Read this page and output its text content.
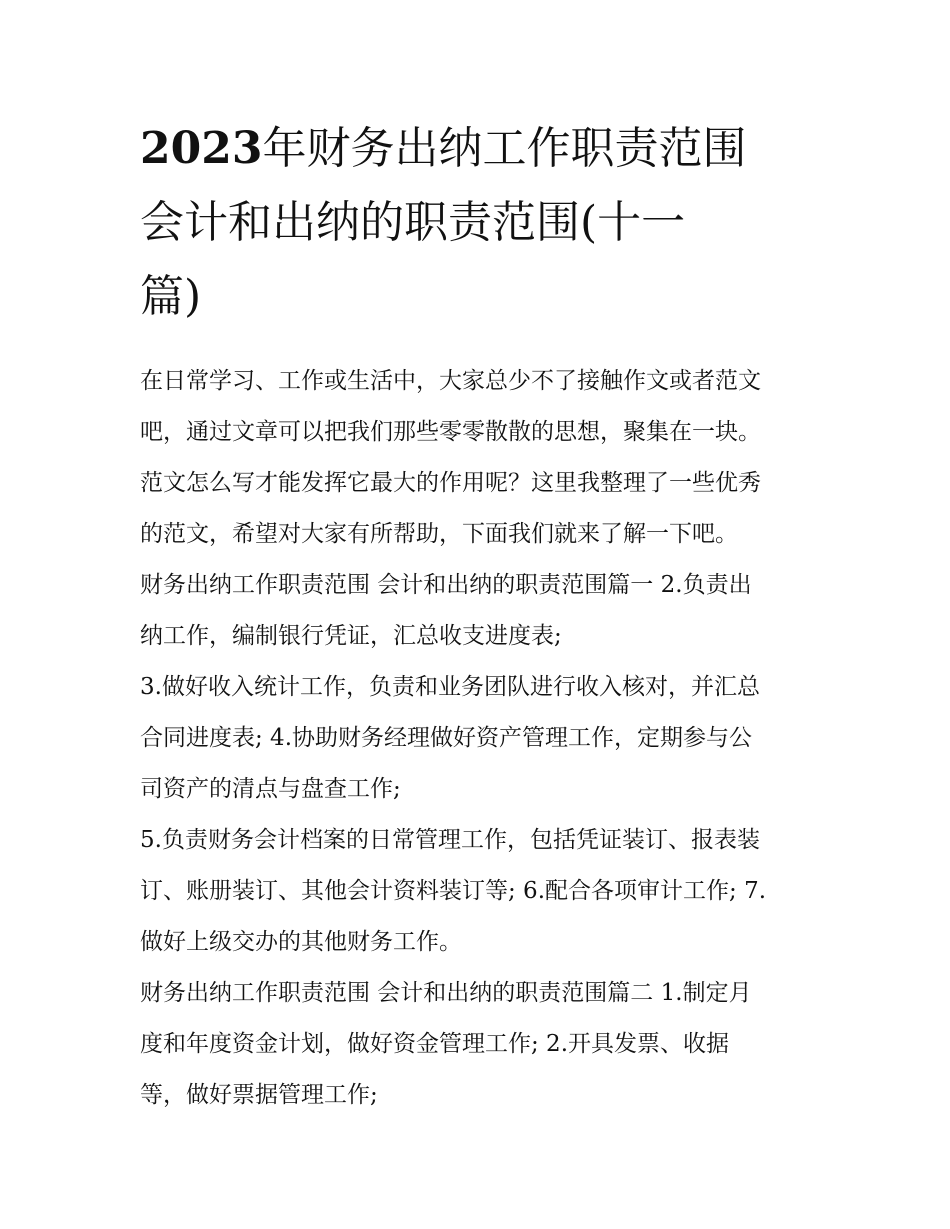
2023年财务出纳工作职责范围
会计和出纳的职责范围(十一
篇)
在日常学习、工作或生活中，大家总少不了接触作文或者范文
吧，通过文章可以把我们那些零零散散的思想，聚集在一块。
范文怎么写才能发挥它最大的作用呢？这里我整理了一些优秀
的范文，希望对大家有所帮助，下面我们就来了解一下吧。
财务出纳工作职责范围 会计和出纳的职责范围篇一 2.负责出
纳工作，编制银行凭证，汇总收支进度表;
3.做好收入统计工作，负责和业务团队进行收入核对，并汇总
合同进度表; 4.协助财务经理做好资产管理工作，定期参与公
司资产的清点与盘查工作;
5.负责财务会计档案的日常管理工作，包括凭证装订、报表装
订、账册装订、其他会计资料装订等; 6.配合各项审计工作; 7.
做好上级交办的其他财务工作。
财务出纳工作职责范围 会计和出纳的职责范围篇二 1.制定月
度和年度资金计划，做好资金管理工作; 2.开具发票、收据
等，做好票据管理工作;
